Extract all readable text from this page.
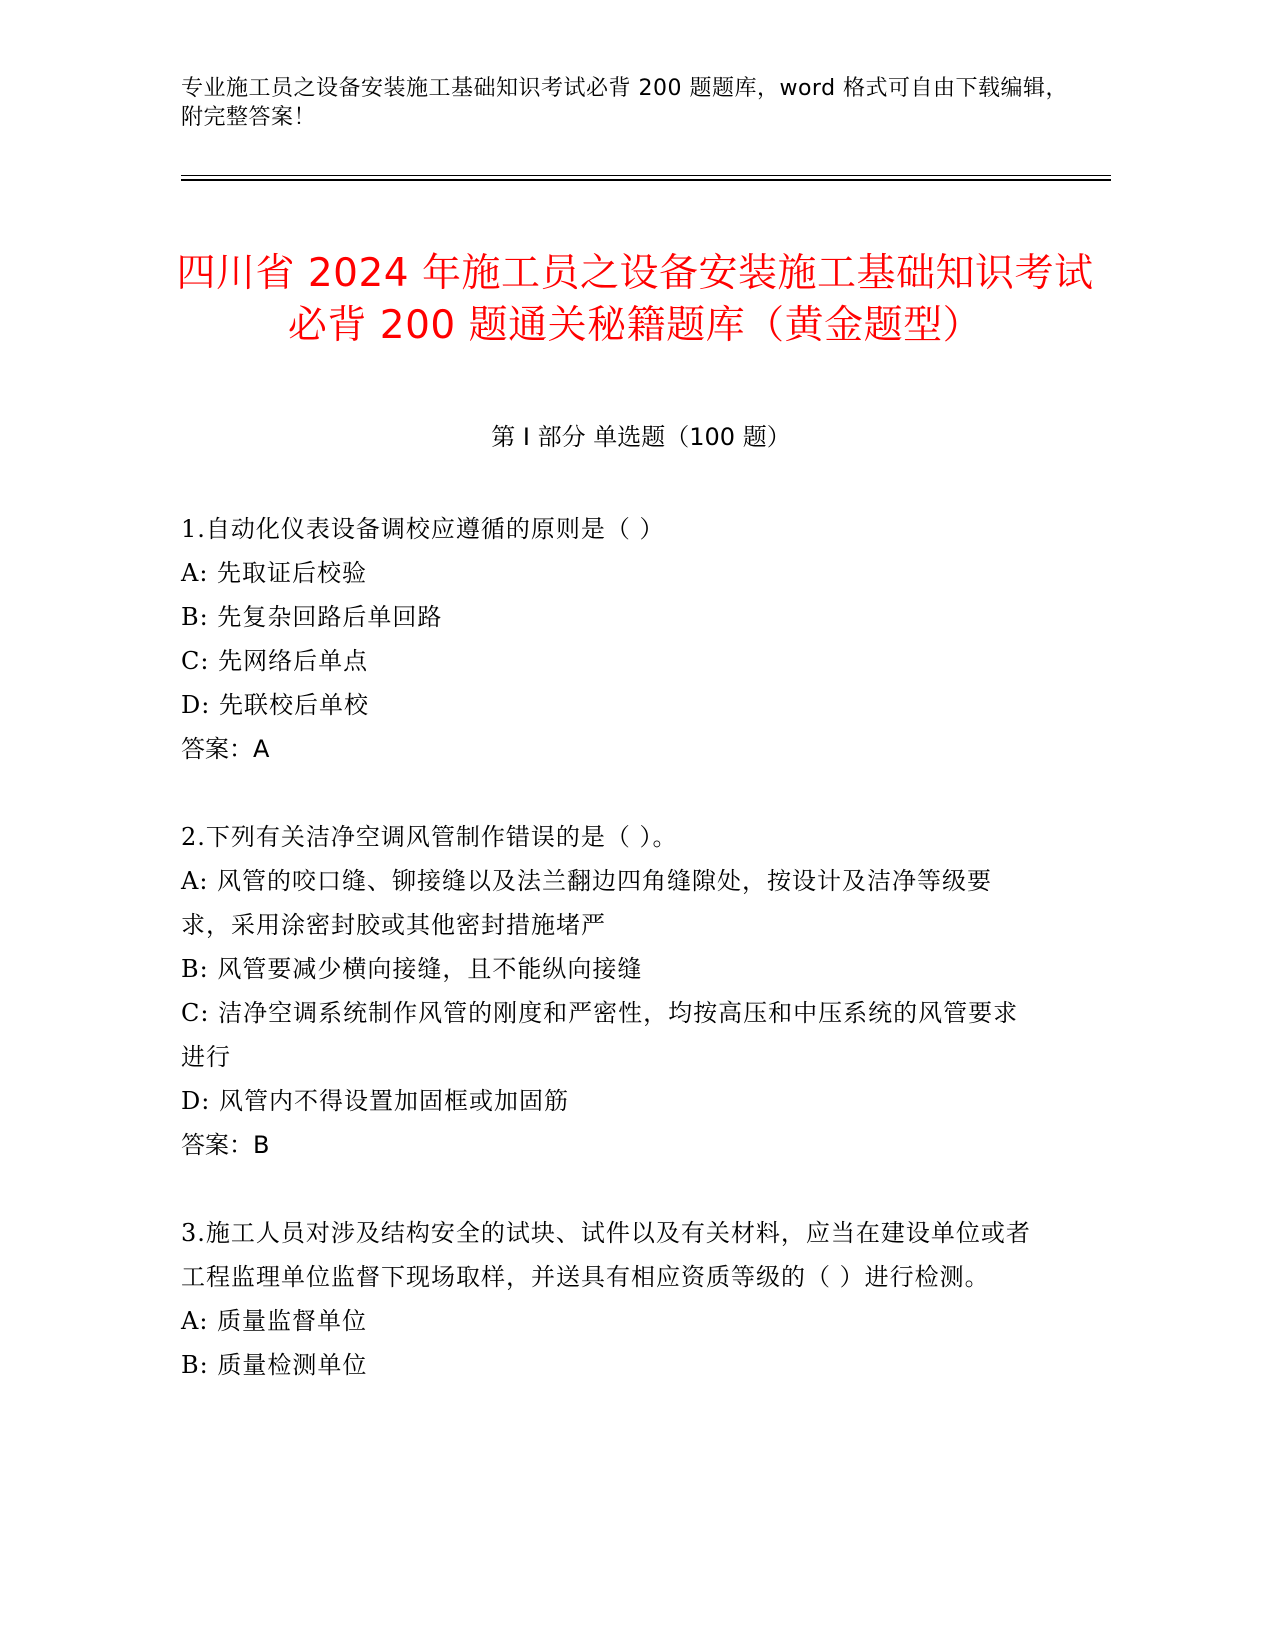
专业施工员之设备安装施工基础知识考试必背 200 题题库，word 格式可自由下载编辑，附完整答案！
四川省 2024 年施工员之设备安装施工基础知识考试必背 200 题通关秘籍题库（黄金题型）
第 I 部分 单选题（100 题）

1.自动化仪表设备调校应遵循的原则是（ ）

A: 先取证后校验

B: 先复杂回路后单回路

C: 先网络后单点

D: 先联校后单校

答案：A

2.下列有关洁净空调风管制作错误的是（ ）。

A: 风管的咬口缝、铆接缝以及法兰翻边四角缝隙处，按设计及洁净等级要求，采用涂密封胶或其他密封措施堵严

B: 风管要减少横向接缝，且不能纵向接缝

C: 洁净空调系统制作风管的刚度和严密性，均按高压和中压系统的风管要求进行

D: 风管内不得设置加固框或加固筋

答案：B

3.施工人员对涉及结构安全的试块、试件以及有关材料，应当在建设单位或者工程监理单位监督下现场取样，并送具有相应资质等级的（ ）进行检测。

A: 质量监督单位

B: 质量检测单位
